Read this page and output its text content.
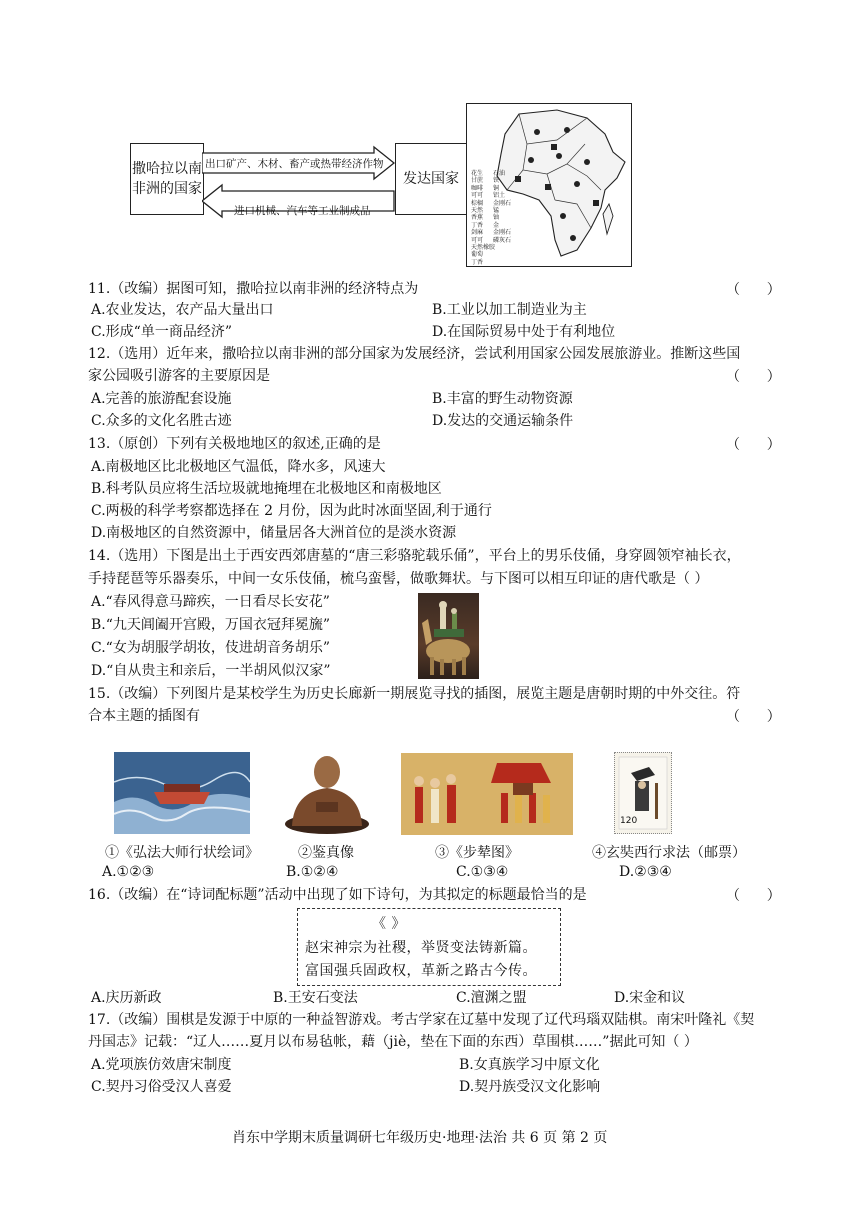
撒哈拉以南
非洲的国家
出口矿产、木材、畜产或热带经济作物
进口机械、汽车等工业制成品
发达国家 花生
甘蔗
咖啡
可可
棕榈
天然
香蕉
丁香
剑麻
可可
天然橡胶
葡萄
丁香
石油
铁
铜
铝土
金刚石
锰
铀
金
金刚石
磷灰石
11.（改编）据图可知，撒哈拉以南非洲的经济特点为	（      ）
A.农业发达，农产品大量出口	B.工业以加工制造业为主
C.形成“单一商品经济”	D.在国际贸易中处于有利地位
12.（选用）近年来，撒哈拉以南非洲的部分国家为发展经济，尝试利用国家公园发展旅游业。推断这些国
家公园吸引游客的主要原因是	（      ）
A.完善的旅游配套设施	B.丰富的野生动物资源
C.众多的文化名胜古迹	D.发达的交通运输条件
13.（原创）下列有关极地地区的叙述,正确的是	（      ）
A.南极地区比北极地区气温低，降水多，风速大
B.科考队员应将生活垃圾就地掩埋在北极地区和南极地区
C.两极的科学考察都选择在 2 月份，因为此时冰面坚固,利于通行
D.南极地区的自然资源中，储量居各大洲首位的是淡水资源
14.（选用）下图是出土于西安西郊唐墓的“唐三彩骆驼载乐俑”，平台上的男乐伎俑，身穿圆领窄袖长衣，
手持琵琶等乐器奏乐，中间一女乐伎俑，梳乌蛮髻，做歌舞状。与下图可以相互印证的唐代歌是（ ）
A.“春风得意马蹄疾，一日看尽长安花”
B.“九天阊阖开宫殿，万国衣冠拜冕旒”
C.“女为胡服学胡妆，伎进胡音务胡乐”
D.“自从贵主和亲后，一半胡风似汉家”
15.（改编）下列图片是某校学生为历史长廊新一期展览寻找的插图，展览主题是唐朝时期的中外交往。符
合本主题的插图有	（      ）
120
①《弘法大师行状绘词》	②鉴真像	③《步辇图》	④玄奘西行求法（邮票）
A.①②③	B.①②④	C.①③④	D.②③④
16.（改编）在“诗词配标题”活动中出现了如下诗句，为其拟定的标题最恰当的是	（      ）
《 》
赵宋神宗为社稷，举贤变法铸新篇。
富国强兵固政权，革新之路古今传。
A.庆历新政	B.王安石变法	C.澶渊之盟	D.宋金和议
17.（改编）围棋是发源于中原的一种益智游戏。考古学家在辽墓中发现了辽代玛瑙双陆棋。南宋叶隆礼《契
丹国志》记载：“辽人……夏月以布易毡帐，藉（jiè，垫在下面的东西）草围棋……”据此可知（ ）
A.党项族仿效唐宋制度	B.女真族学习中原文化
C.契丹习俗受汉人喜爱	D.契丹族受汉文化影响
肖东中学期末质量调研七年级历史·地理·法治 共 6 页 第 2 页
